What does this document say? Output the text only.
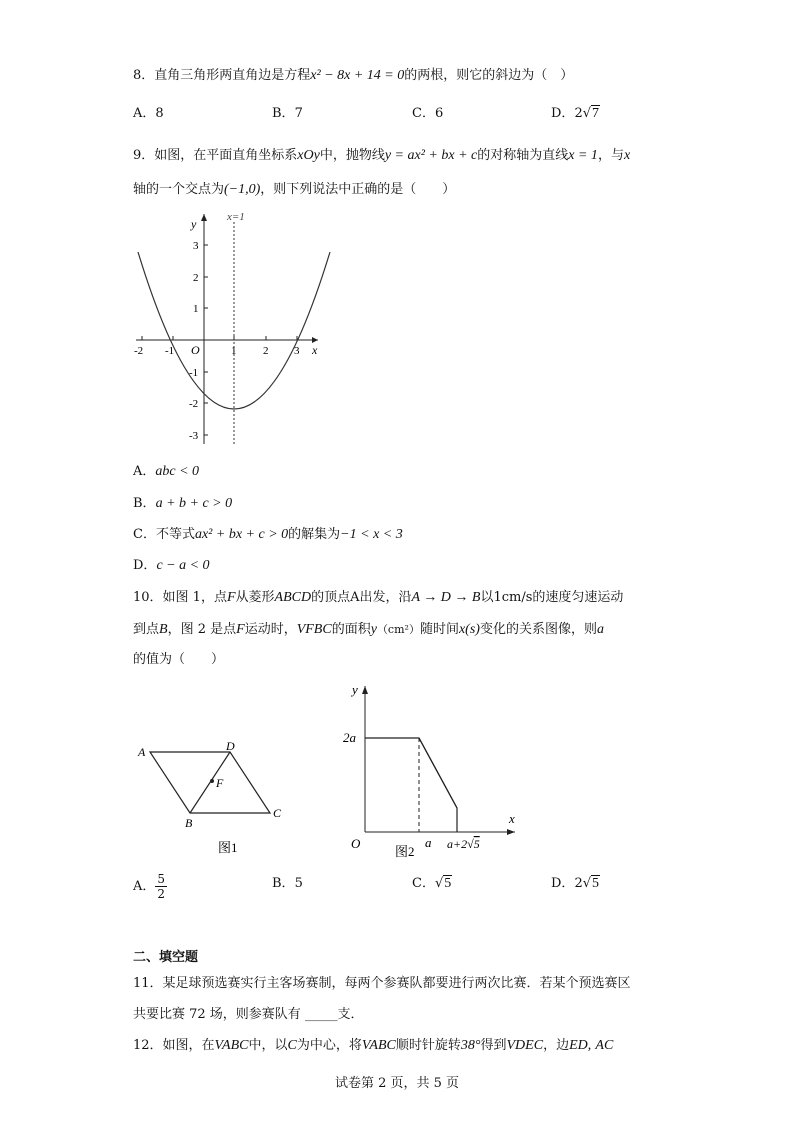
8．直角三角形两直角边是方程x² − 8x + 14 = 0的两根，则它的斜边为（　）
A．8	B．7	C．6	D．2√7
9．如图，在平面直角坐标系xOy中，抛物线y = ax² + bx + c的对称轴为直线x = 1，与x
轴的一个交点为(−1,0)，则下列说法中正确的是（　　）
x=1
y
x
O
-2 -1	1 2 3
3
2
1
-1
-2
-3
A．abc < 0
B．a + b + c > 0
C．不等式ax² + bx + c > 0的解集为−1 < x < 3
D．c − a < 0
10．如图 1，点F从菱形ABCD的顶点A出发，沿A → D → B以1cm/s的速度匀速运动
到点B，图 2 是点F运动时，VFBC的面积y（cm²）随时间x(s)变化的关系图像，则a
的值为（　　）
A	D
C
B
F
图1
y
x
O
2a
a a+2√5
图2
A． $\frac{5}{2}$	B．5	C．√5	D．2√5
二、填空题
11．某足球预选赛实行主客场赛制，每两个参赛队都要进行两次比赛．若某个预选赛区
共要比赛 72 场，则参赛队有 _____支．
12．如图，在VABC中，以C为中心，将VABC顺时针旋转38°得到VDEC，边ED, AC
试卷第 2 页，共 5 页
